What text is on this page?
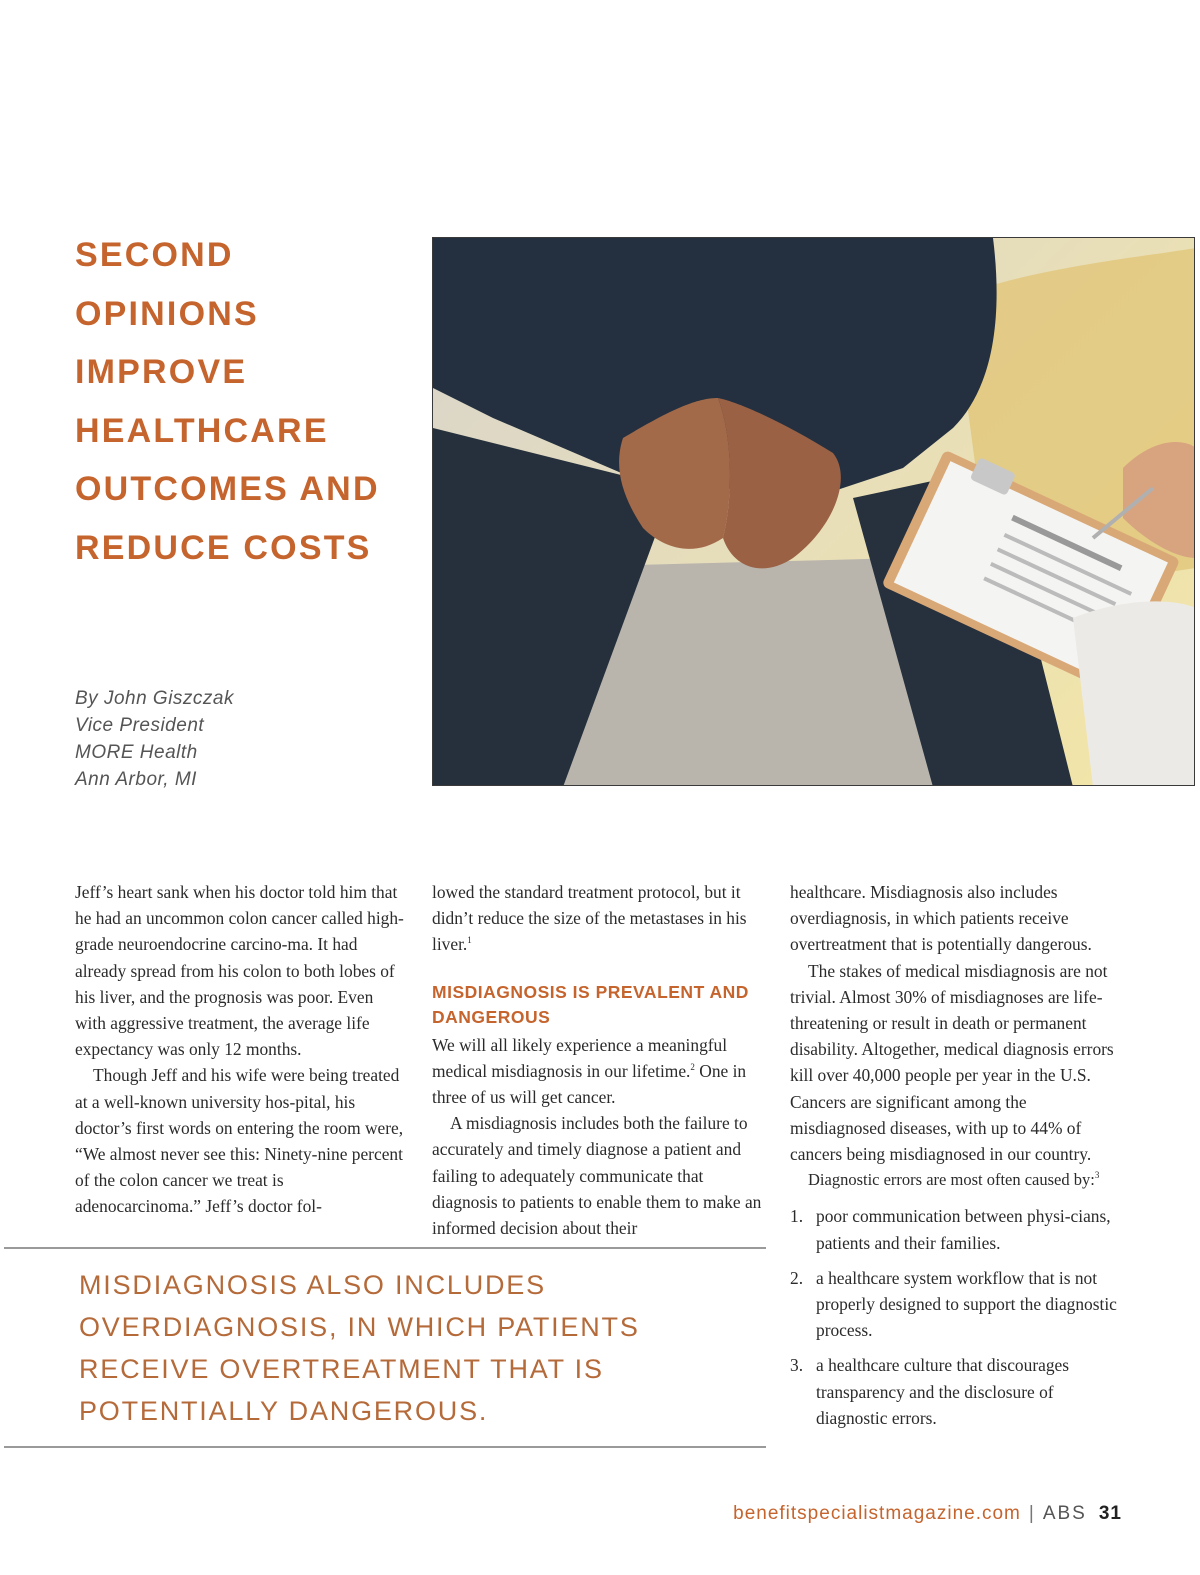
SECOND
OPINIONS
IMPROVE
HEALTHCARE
OUTCOMES AND
REDUCE COSTS
By John Giszczak
Vice President
MORE Health
Ann Arbor, MI

Jeff’s heart sank when his doctor told him that he had an uncommon colon cancer called high-grade neuroendocrine carcino-ma. It had already spread from his colon to both lobes of his liver, and the prognosis was poor. Even with aggressive treatment, the average life expectancy was only 12 months.

Though Jeff and his wife were being treated at a well-known university hos-pital, his doctor’s first words on entering the room were, “We almost never see this: Ninety-nine percent of the colon cancer we treat is adenocarcinoma.” Jeff’s doctor fol-

lowed the standard treatment protocol, but it didn’t reduce the size of the metastases in his liver.$^1$

MISDIAGNOSIS IS PREVALENT AND DANGEROUS

We will all likely experience a meaningful medical misdiagnosis in our lifetime.$^2$ One in three of us will get cancer.

A misdiagnosis includes both the failure to accurately and timely diagnose a patient and failing to adequately communicate that diagnosis to patients to enable them to make an informed decision about their

healthcare. Misdiagnosis also includes overdiagnosis, in which patients receive overtreatment that is potentially dangerous.

The stakes of medical misdiagnosis are not trivial. Almost 30% of misdiagnoses are life-threatening or result in death or permanent disability. Altogether, medical diagnosis errors kill over 40,000 people per year in the U.S. Cancers are significant among the misdiagnosed diseases, with up to 44% of cancers being misdiagnosed in our country.

Diagnostic errors are most often caused by:$^3$

1. poor communication between physi-cians, patients and their families.
2. a healthcare system workflow that is not properly designed to support the diagnostic process.
3. a healthcare culture that discourages transparency and the disclosure of diagnostic errors.

MISDIAGNOSIS ALSO INCLUDES
OVERDIAGNOSIS, IN WHICH PATIENTS
RECEIVE OVERTREATMENT THAT IS
POTENTIALLY DANGEROUS.

benefitspecialistmagazine.com | ABS 31
